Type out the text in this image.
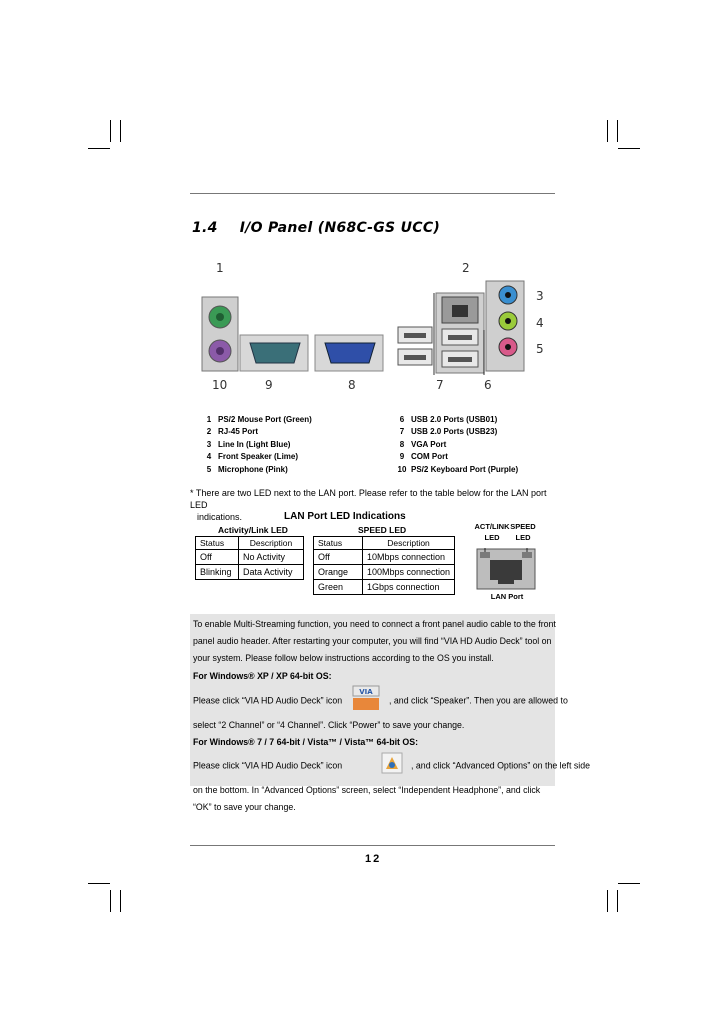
1.4 I/O Panel (N68C-GS UCC)
1	2
3
4
5
10	9	8	7	6
1 PS/2 Mouse Port (Green)
2 RJ-45 Port
3 Line In (Light Blue)
4 Front Speaker (Lime)
5 Microphone (Pink)
6 USB 2.0 Ports (USB01)
7 USB 2.0 Ports (USB23)
8 VGA Port
9 COM Port
10 PS/2 Keyboard Port (Purple)
* There are two LED next to the LAN port. Please refer to the table below for the LAN port LED
indications.	LAN Port LED Indications
Activity/Link LED	SPEED LED
Status	Description
Off	No Activity
Blinking	Data Activity
Status	Description
Off	10Mbps connection
Orange	100Mbps connection
Green	1Gbps connection
ACT/LINK
LED
SPEED
LED
LAN Port

To enable Multi-Streaming function, you need to connect a front panel audio cable to the front

panel audio header. After restarting your computer, you will find “VIA HD Audio Deck” tool on

your system. Please follow below instructions according to the OS you install.

For Windows® XP / XP 64-bit OS:

Please click “VIA HD Audio Deck” icon
VIA
, and click “Speaker”. Then you are allowed to

select “2 Channel” or “4 Channel”. Click “Power” to save your change.

For Windows® 7 / 7 64-bit / Vista™ / Vista™ 64-bit OS:

Please click “VIA HD Audio Deck” icon	, and click “Advanced Options” on the left side

on the bottom. In “Advanced Options” screen, select “Independent Headphone”, and click

“OK” to save your change.

12
